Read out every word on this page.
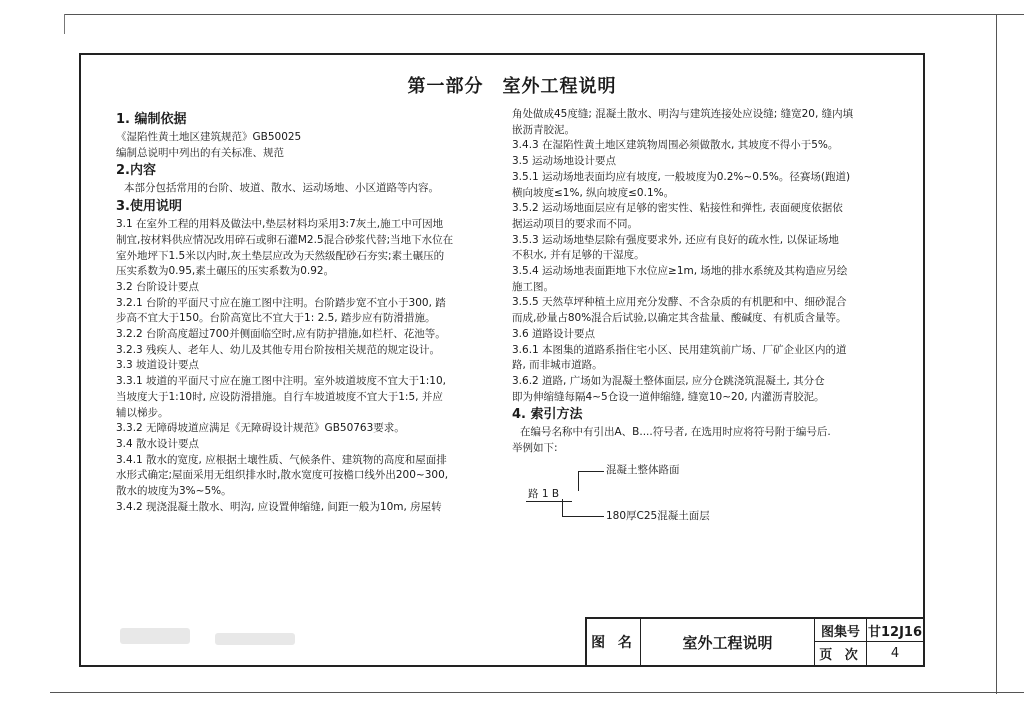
第一部分　室外工程说明
1. 编制依据
《湿陷性黄土地区建筑规范》GB50025
编制总说明中列出的有关标准、规范
2.内容
本部分包括常用的台阶、坡道、散水、运动场地、小区道路等内容。
3.使用说明
3.1 在室外工程的用料及做法中,垫层材料均采用3:7灰土,施工中可因地
制宜,按材料供应情况改用碎石或卵石灌M2.5混合砂浆代替;当地下水位在
室外地坪下1.5米以内时,灰土垫层应改为天然级配砂石夯实;素土碾压的
压实系数为0.95,素土碾压的压实系数为0.92。
3.2 台阶设计要点
3.2.1 台阶的平面尺寸应在施工图中注明。台阶踏步宽不宜小于300, 踏
步高不宜大于150。台阶高宽比不宜大于1: 2.5, 踏步应有防滑措施。
3.2.2 台阶高度超过700并侧面临空时,应有防护措施,如栏杆、花池等。
3.2.3 残疾人、老年人、幼儿及其他专用台阶按相关规范的规定设计。
3.3 坡道设计要点
3.3.1 坡道的平面尺寸应在施工图中注明。室外坡道坡度不宜大于1:10,
当坡度大于1:10时, 应设防滑措施。自行车坡道坡度不宜大于1:5, 并应
辅以梯步。
3.3.2 无障碍坡道应满足《无障碍设计规范》GB50763要求。
3.4 散水设计要点
3.4.1 散水的宽度, 应根据土壤性质、气候条件、建筑物的高度和屋面排
水形式确定;屋面采用无组织排水时,散水宽度可按檐口线外出200~300,
散水的坡度为3%~5%。
3.4.2 现浇混凝土散水、明沟, 应设置伸缩缝, 间距一般为10m, 房屋转
角处做成45度缝; 混凝土散水、明沟与建筑连接处应设缝; 缝宽20, 缝内填
嵌沥青胶泥。
3.4.3 在湿陷性黄土地区建筑物周围必须做散水, 其坡度不得小于5%。
3.5 运动场地设计要点
3.5.1 运动场地表面均应有坡度, 一般坡度为0.2%~0.5%。径赛场(跑道)
横向坡度≤1%, 纵向坡度≤0.1%。
3.5.2 运动场地面层应有足够的密实性、粘接性和弹性, 表面硬度依据依
据运动项目的要求而不同。
3.5.3 运动场地垫层除有强度要求外, 还应有良好的疏水性, 以保证场地
不积水, 并有足够的干湿度。
3.5.4 运动场地表面距地下水位应≥1m, 场地的排水系统及其构造应另绘
施工图。
3.5.5 天然草坪种植土应用充分发酵、不含杂质的有机肥和中、细砂混合
而成,砂量占80%混合后试验,以确定其含盐量、酸碱度、有机质含量等。
3.6 道路设计要点
3.6.1 本图集的道路系指住宅小区、民用建筑前广场、厂矿企业区内的道
路, 而非城市道路。
3.6.2 道路, 广场如为混凝土整体面层, 应分仓跳浇筑混凝土, 其分仓
即为伸缩缝每隔4~5仓设一道伸缩缝, 缝宽10~20, 内灌沥青胶泥。
4. 索引方法
在编号名称中有引出A、B....符号者, 在选用时应将符号附于编号后.
举例如下:
混凝土整体路面
路 1 B
180厚C25混凝土面层
图 名	室外工程说明
图集号 甘12J16
页 次	4
